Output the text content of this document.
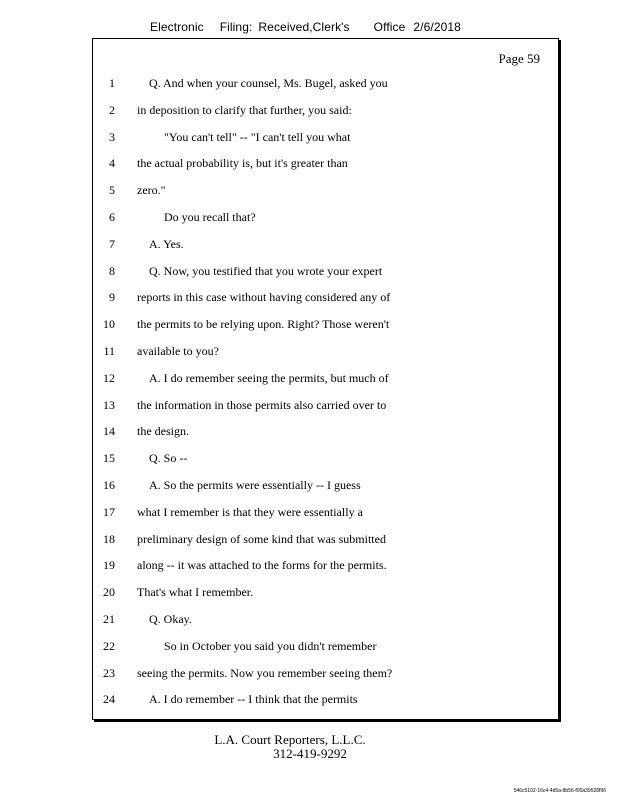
Electronic Filing: Received,Clerk's Office 2/6/2018
Page 59
1	Q. And when your counsel, Ms. Bugel, asked you
2 in deposition to clarify that further, you said:
3	"You can't tell" -- "I can't tell you what
4 the actual probability is, but it's greater than
5 zero."
6	Do you recall that?
7	A. Yes.
8	Q. Now, you testified that you wrote your expert
9 reports in this case without having considered any of
10 the permits to be relying upon. Right? Those weren't
11 available to you?
12	A. I do remember seeing the permits, but much of
13 the information in those permits also carried over to
14 the design.
15	Q. So --
16	A. So the permits were essentially -- I guess
17 what I remember is that they were essentially a
18 preliminary design of some kind that was submitted
19 along -- it was attached to the forms for the permits.
20 That's what I remember.
21	Q. Okay.
22	So in October you said you didn't remember
23 seeing the permits. Now you remember seeing them?
24	A. I do remember -- I think that the permits
L.A. Court Reporters, L.L.C.
312-419-9292
546c5102-16c4-4d5a-8b56-f00a39528f96
